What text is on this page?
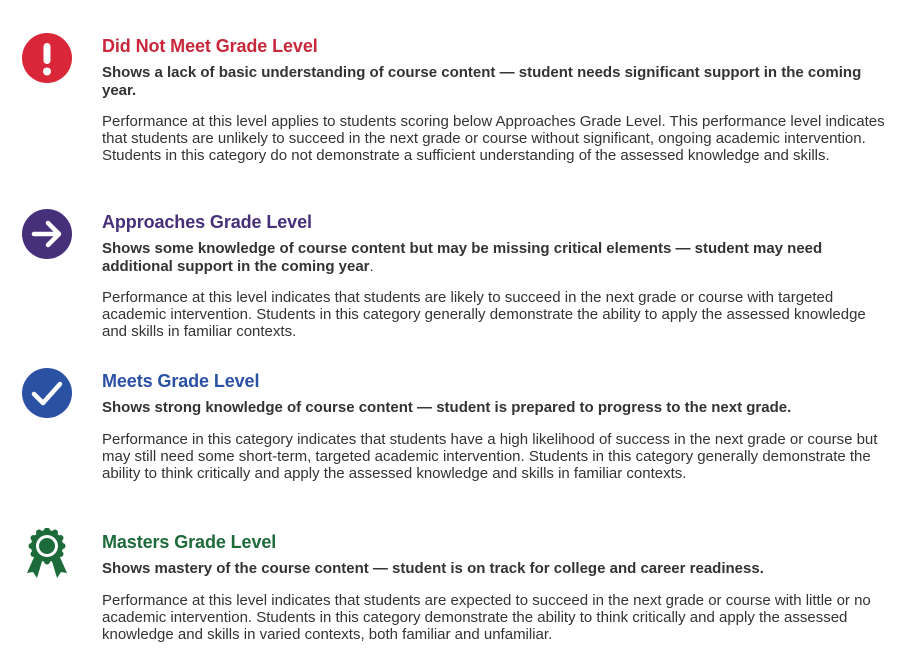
Did Not Meet Grade Level

Shows a lack of basic understanding of course content — student needs significant support in the coming year.

Performance at this level applies to students scoring below Approaches Grade Level. This performance level indicates that students are unlikely to succeed in the next grade or course without significant, ongoing academic intervention. Students in this category do not demonstrate a sufficient understanding of the assessed knowledge and skills.

Approaches Grade Level

Shows some knowledge of course content but may be missing critical elements — student may need additional support in the coming year.

Performance at this level indicates that students are likely to succeed in the next grade or course with targeted academic intervention. Students in this category generally demonstrate the ability to apply the assessed knowledge and skills in familiar contexts.

Meets Grade Level

Shows strong knowledge of course content — student is prepared to progress to the next grade.

Performance in this category indicates that students have a high likelihood of success in the next grade or course but may still need some short-term, targeted academic intervention. Students in this category generally demonstrate the ability to think critically and apply the assessed knowledge and skills in familiar contexts.

Masters Grade Level

Shows mastery of the course content — student is on track for college and career readiness.

Performance at this level indicates that students are expected to succeed in the next grade or course with little or no academic intervention. Students in this category demonstrate the ability to think critically and apply the assessed knowledge and skills in varied contexts, both familiar and unfamiliar.
